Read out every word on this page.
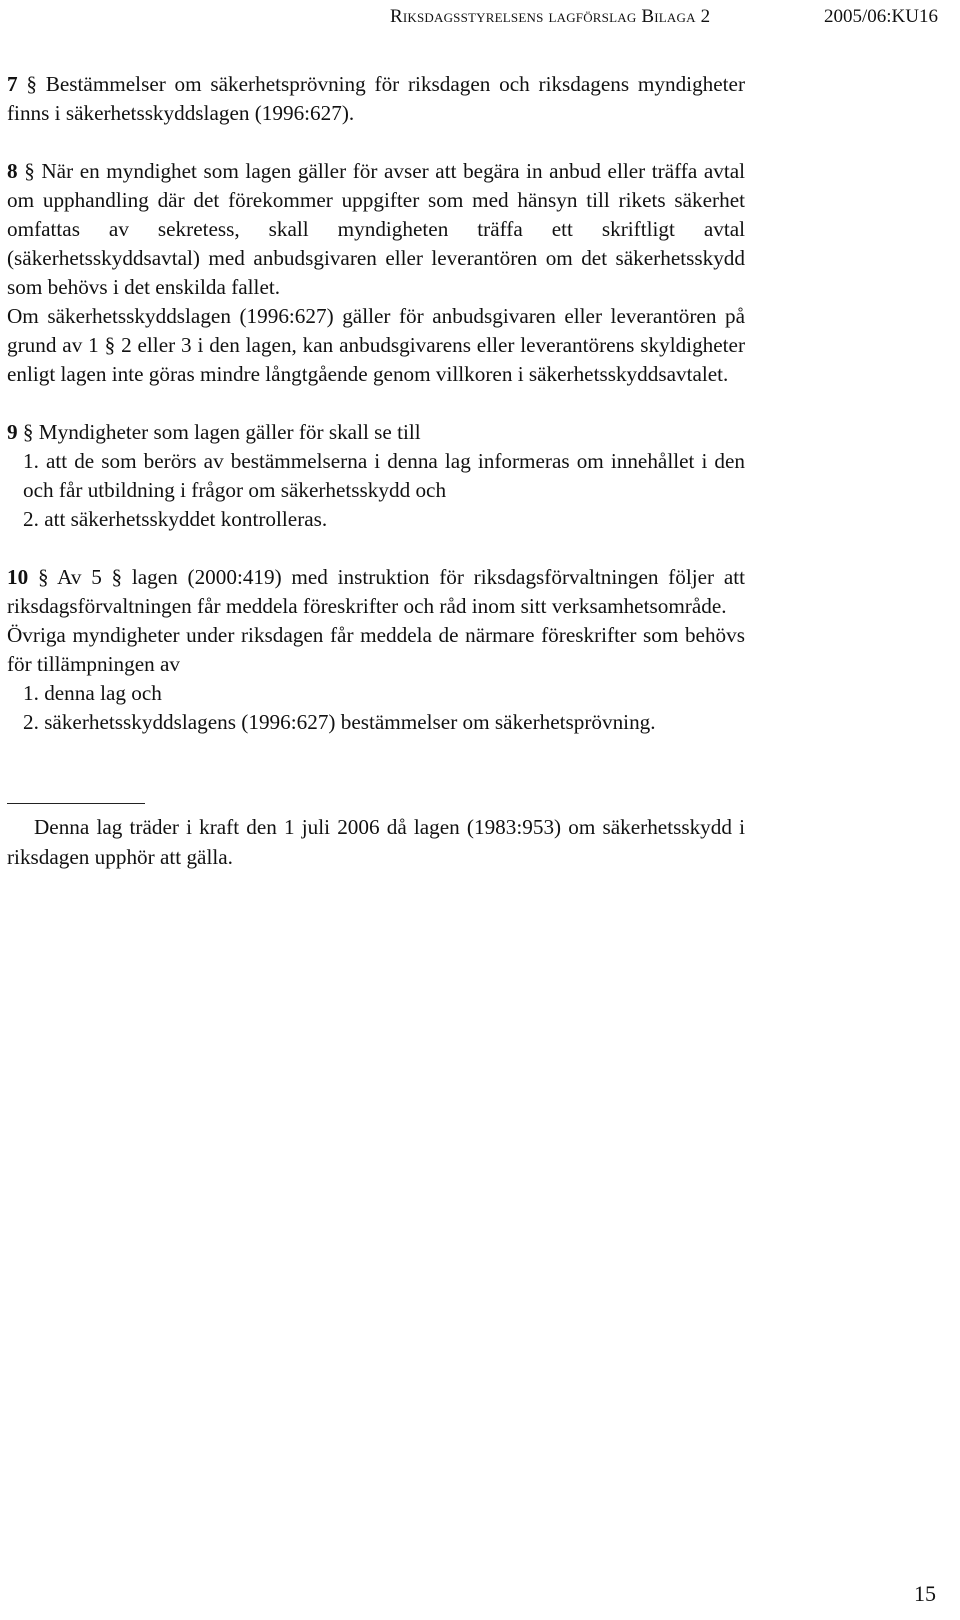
Riksdagsstyrelsens lagförslag Bilaga 2	2005/06:KU16

7 § Bestämmelser om säkerhetsprövning för riksdagen och riksdagens myndigheter finns i säkerhetsskyddslagen (1996:627).

8 § När en myndighet som lagen gäller för avser att begära in anbud eller träffa avtal om upphandling där det förekommer uppgifter som med hänsyn till rikets säkerhet omfattas av sekretess, skall myndigheten träffa ett skriftligt avtal (säkerhetsskyddsavtal) med anbudsgivaren eller leverantören om det säkerhetsskydd som behövs i det enskilda fallet.

Om säkerhetsskyddslagen (1996:627) gäller för anbudsgivaren eller leverantören på grund av 1 § 2 eller 3 i den lagen, kan anbudsgivarens eller leverantörens skyldigheter enligt lagen inte göras mindre långtgående genom villkoren i säkerhetsskyddsavtalet.

9 § Myndigheter som lagen gäller för skall se till

1. att de som berörs av bestämmelserna i denna lag informeras om innehållet i den och får utbildning i frågor om säkerhetsskydd och

2. att säkerhetsskyddet kontrolleras.

10 § Av 5 § lagen (2000:419) med instruktion för riksdagsförvaltningen följer att riksdagsförvaltningen får meddela föreskrifter och råd inom sitt verksamhetsområde.

Övriga myndigheter under riksdagen får meddela de närmare föreskrifter som behövs för tillämpningen av

1. denna lag och

2. säkerhetsskyddslagens (1996:627) bestämmelser om säkerhetsprövning.

Denna lag träder i kraft den 1 juli 2006 då lagen (1983:953) om säkerhetsskydd i riksdagen upphör att gälla.

15
